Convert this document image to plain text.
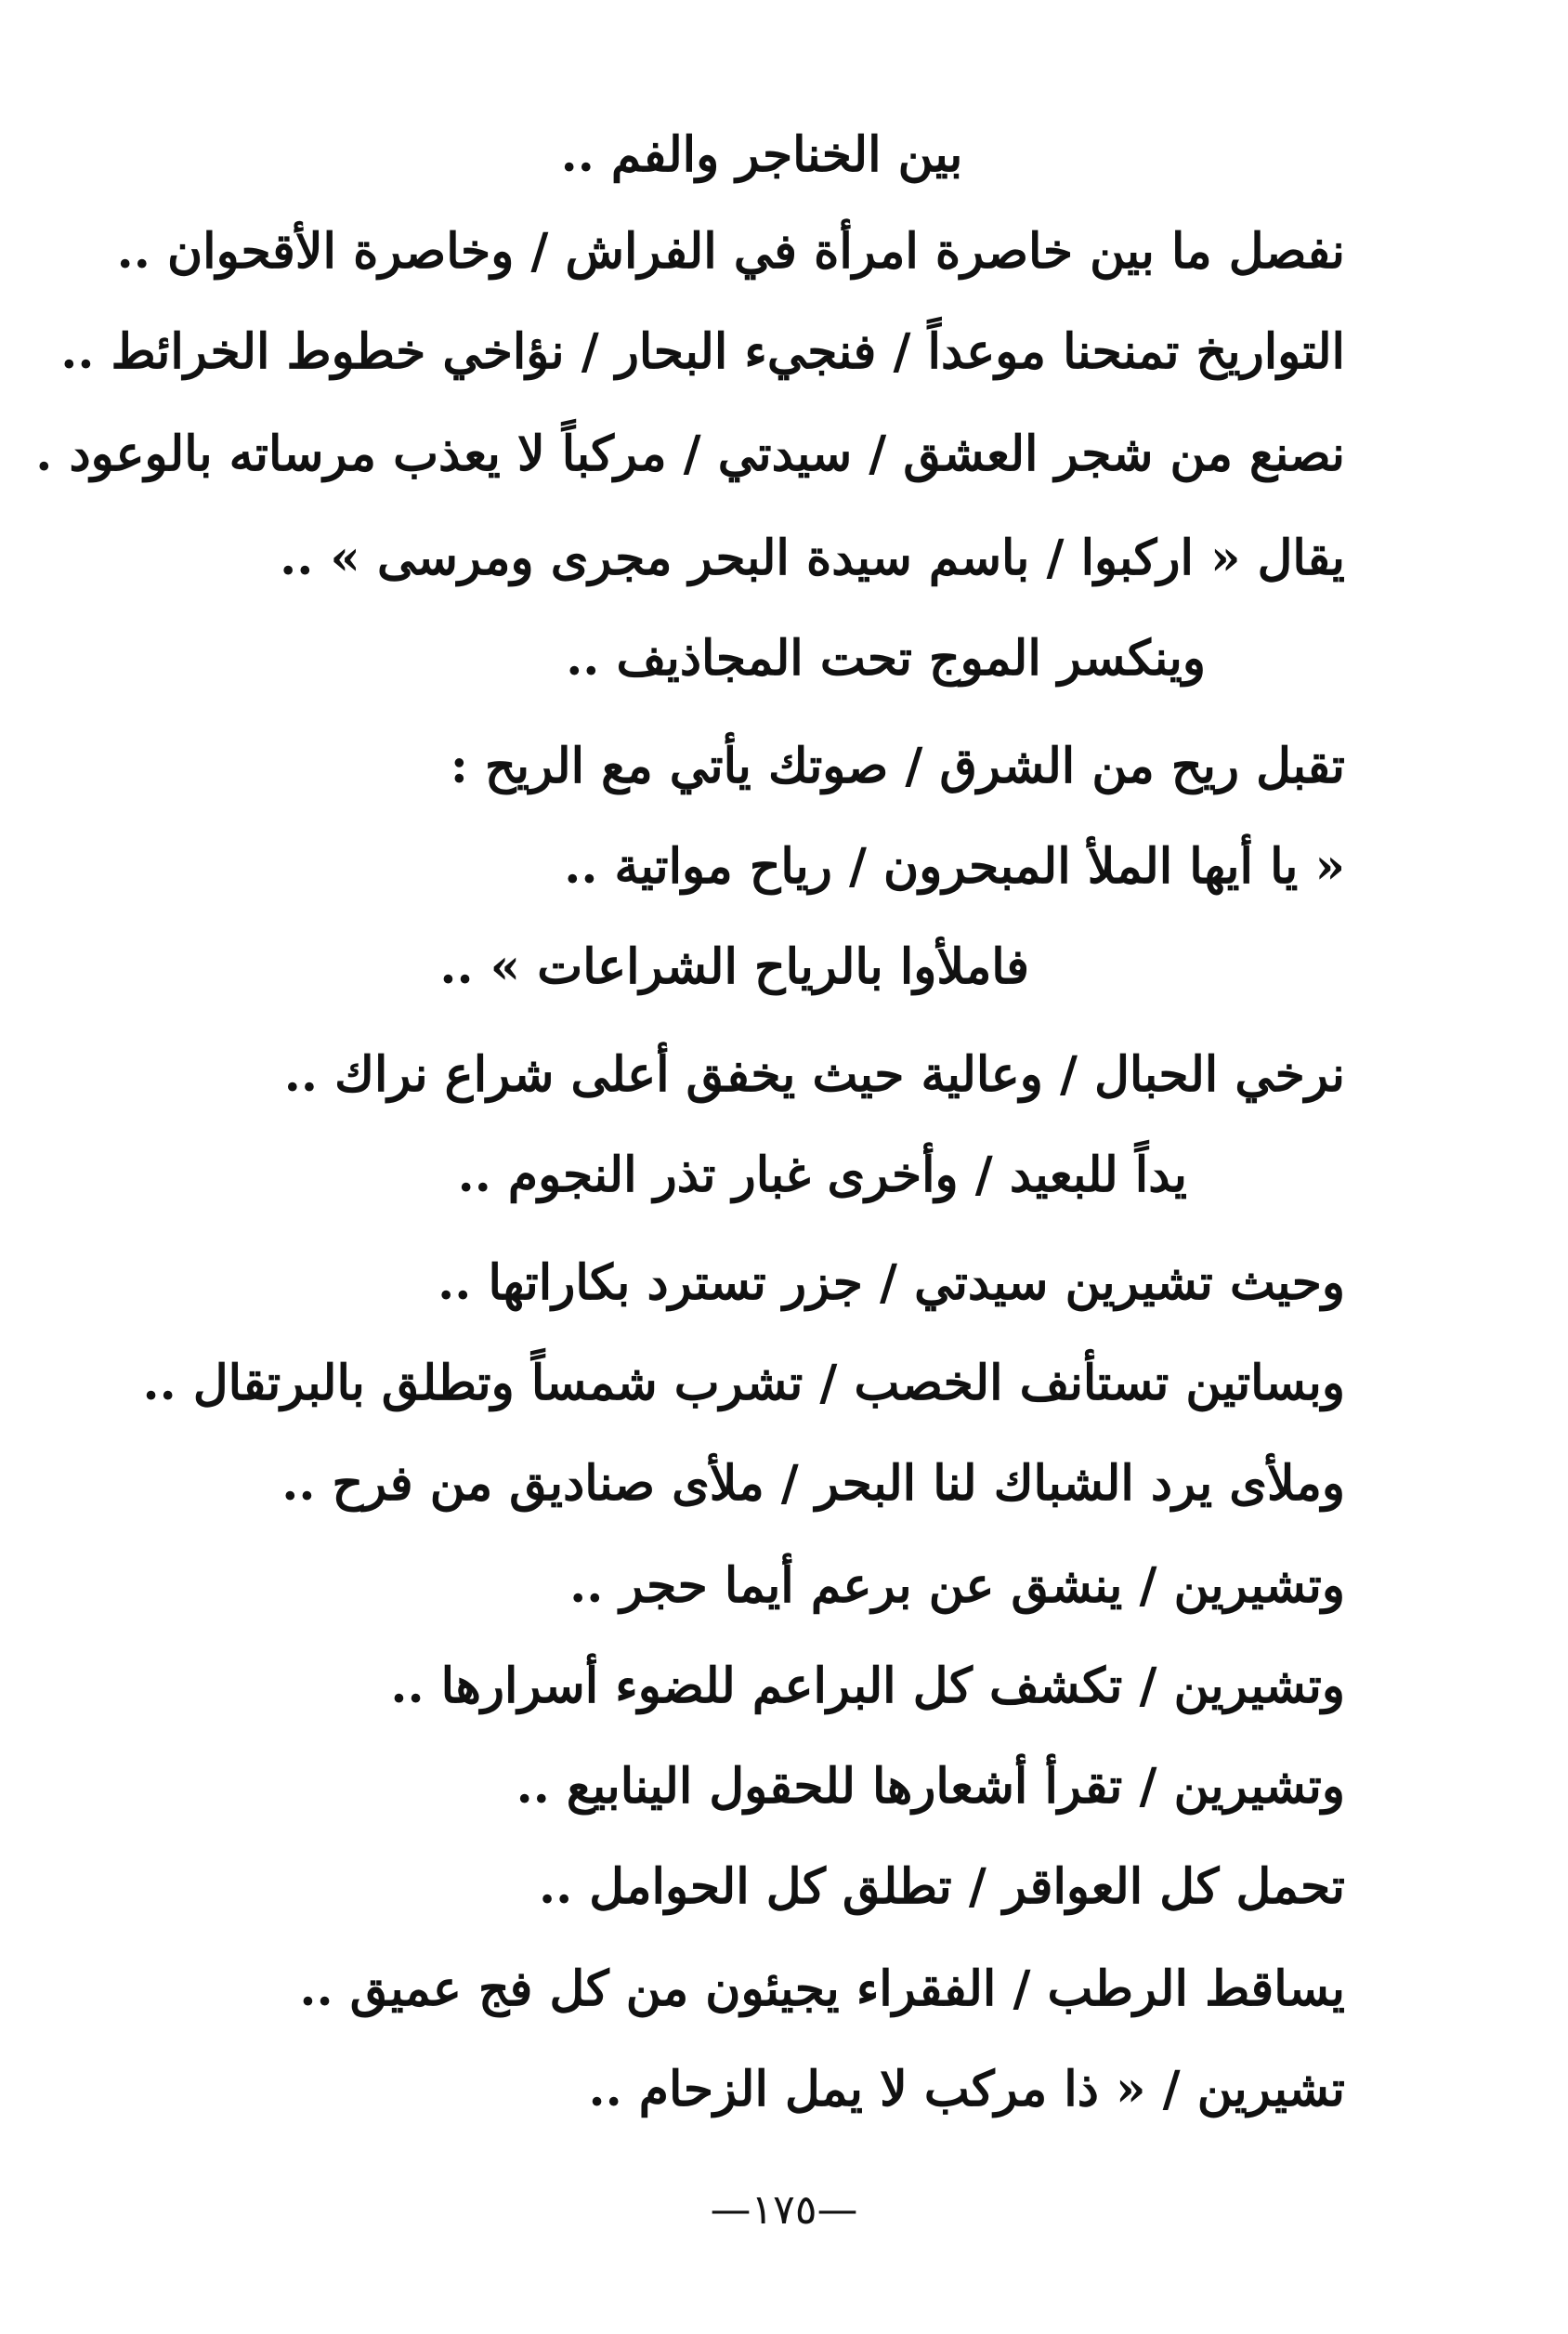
بين الخناجر والفم ..
نفصل ما بين خاصرة امرأة في الفراش / وخاصرة الأقحوان ..
التواريخ تمنحنا موعداً / فنجيء البحار / نؤاخي خطوط الخرائط ..
نصنع من شجر العشق / سيدتي / مركباً لا يعذب مرساته بالوعود .
يقال « اركبوا / باسم سيدة البحر مجرى ومرسى » ..
وينكسر الموج تحت المجاذيف ..
تقبل ريح من الشرق / صوتك يأتي مع الريح :
« يا أيها الملأ المبحرون / رياح مواتية ..
فاملأوا بالرياح الشراعات » ..
نرخي الحبال / وعالية حيث يخفق أعلى شراع نراك ..
يداً للبعيد / وأخرى غبار تذر النجوم ..
وحيث تشيرين سيدتي / جزر تسترد بكاراتها ..
وبساتين تستأنف الخصب / تشرب شمساً وتطلق بالبرتقال ..
وملأى يرد الشباك لنا البحر / ملأى صناديق من فرح ..
وتشيرين / ينشق عن برعم أيما حجر ..
وتشيرين / تكشف كل البراعم للضوء أسرارها ..
وتشيرين / تقرأ أشعارها للحقول الينابيع ..
تحمل كل العواقر / تطلق كل الحوامل ..
يساقط الرطب / الفقراء يجيئون من كل فج عميق ..
تشيرين / « ذا مركب لا يمل الزحام ..
—١٧٥—
